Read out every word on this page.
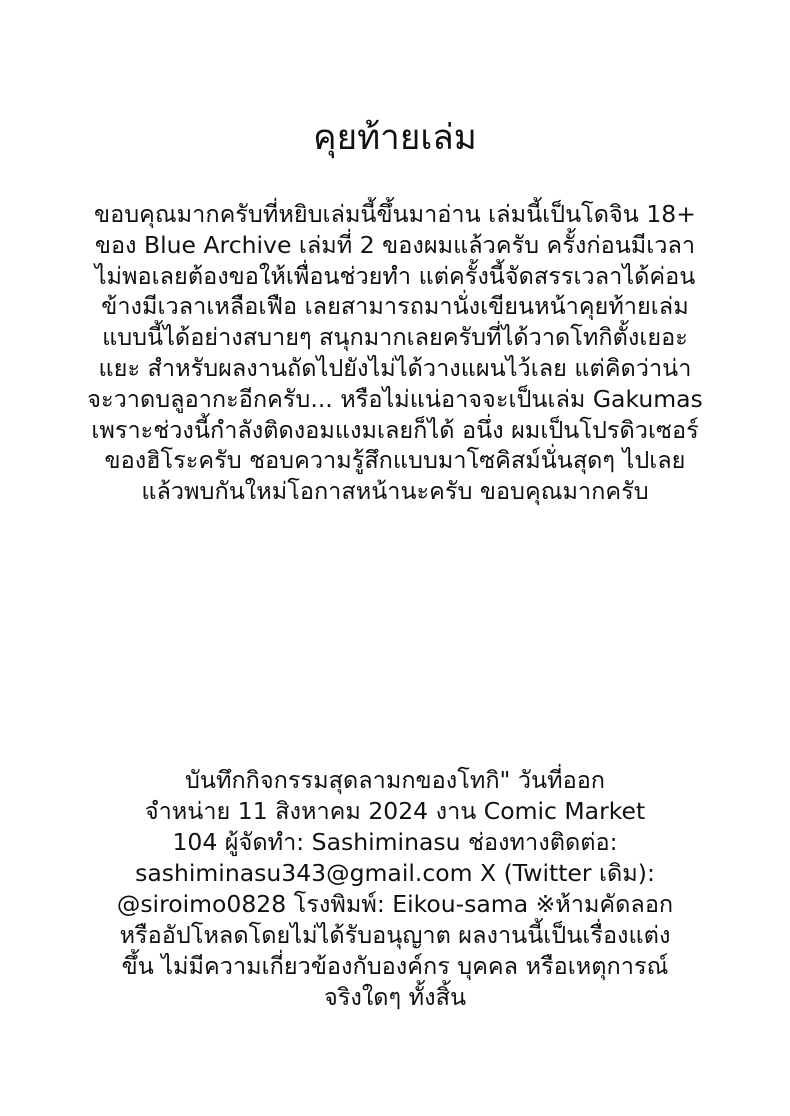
คุยท้ายเล่ม
ขอบคุณมากครับที่หยิบเล่มนี้ขึ้นมาอ่าน เล่มนี้เป็นโดจิน 18+
ของ Blue Archive เล่มที่ 2 ของผมแล้วครับ ครั้งก่อนมีเวลา
ไม่พอเลยต้องขอให้เพื่อนช่วยทำ แต่ครั้งนี้จัดสรรเวลาได้ค่อน
ข้างมีเวลาเหลือเฟือ เลยสามารถมานั่งเขียนหน้าคุยท้ายเล่ม
แบบนี้ได้อย่างสบายๆ สนุกมากเลยครับที่ได้วาดโทกิตั้งเยอะ
แยะ สำหรับผลงานถัดไปยังไม่ได้วางแผนไว้เลย แต่คิดว่าน่า
จะวาดบลูอากะอีกครับ... หรือไม่แน่อาจจะเป็นเล่ม Gakumas
เพราะช่วงนี้กำลังติดงอมแงมเลยก็ได้ อนึ่ง ผมเป็นโปรดิวเซอร์
ของฮิโระครับ ชอบความรู้สึกแบบมาโซคิสม์นั่นสุดๆ ไปเลย
แล้วพบกันใหม่โอกาสหน้านะครับ ขอบคุณมากครับ
บันทึกกิจกรรมสุดลามกของโทกิ" วันที่ออก
จำหน่าย 11 สิงหาคม 2024 งาน Comic Market
104 ผู้จัดทำ: Sashiminasu ช่องทางติดต่อ:
sashiminasu343@gmail.com X (Twitter เดิม):
@siroimo0828 โรงพิมพ์: Eikou-sama ※ห้ามคัดลอก
หรืออัปโหลดโดยไม่ได้รับอนุญาต ผลงานนี้เป็นเรื่องแต่ง
ขึ้น ไม่มีความเกี่ยวข้องกับองค์กร บุคคล หรือเหตุการณ์
จริงใดๆ ทั้งสิ้น
